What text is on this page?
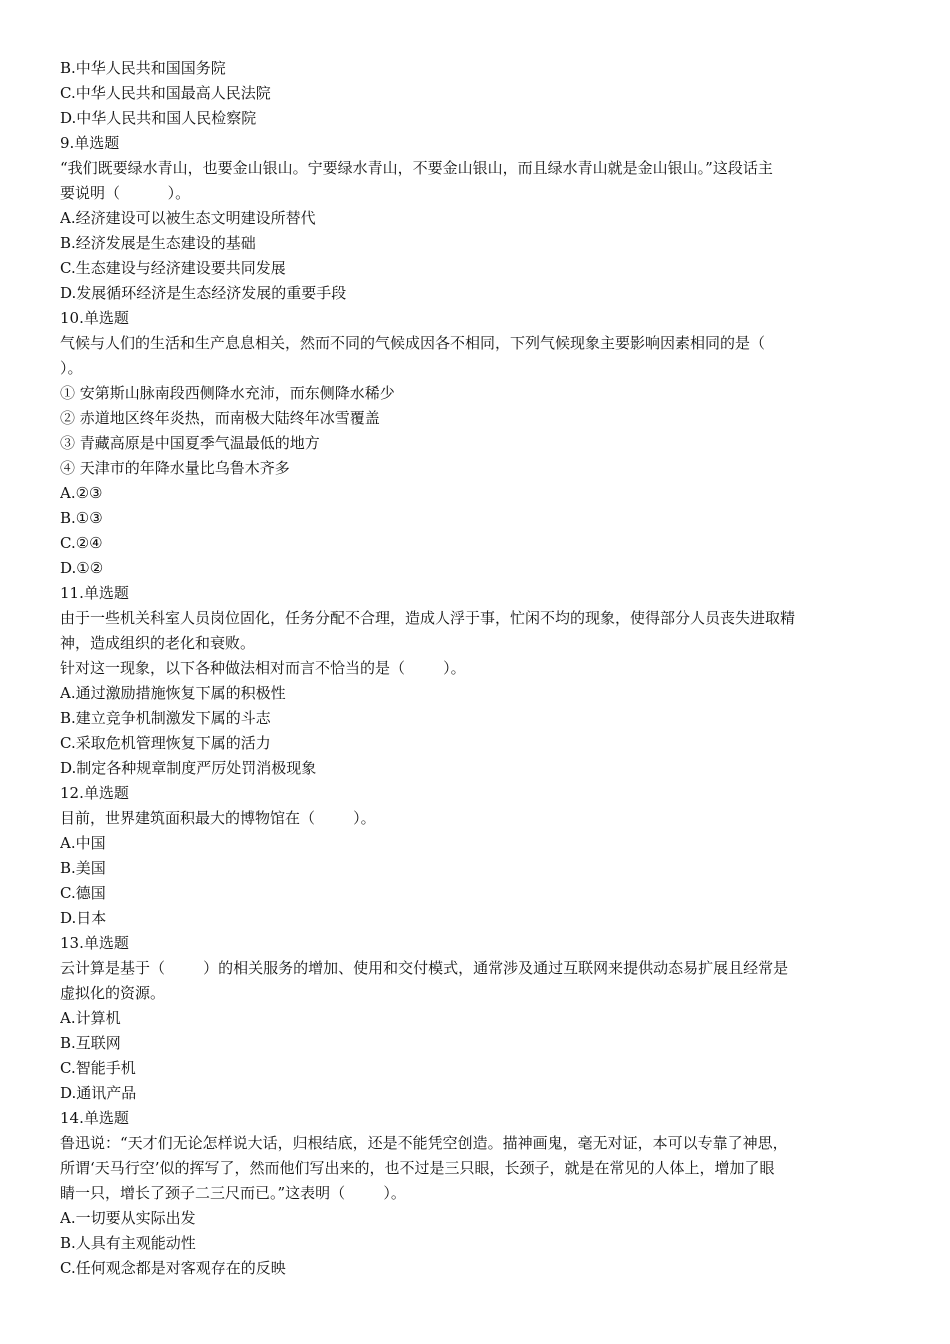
B.中华人民共和国国务院
C.中华人民共和国最高人民法院
D.中华人民共和国人民检察院
9.单选题
“我们既要绿水青山，也要金山银山。宁要绿水青山，不要金山银山，而且绿水青山就是金山银山。”这段话主
要说明（          ）。
A.经济建设可以被生态文明建设所替代
B.经济发展是生态建设的基础
C.生态建设与经济建设要共同发展
D.发展循环经济是生态经济发展的重要手段
10.单选题
气候与人们的生活和生产息息相关，然而不同的气候成因各不相同，下列气候现象主要影响因素相同的是（
）。
① 安第斯山脉南段西侧降水充沛，而东侧降水稀少
② 赤道地区终年炎热，而南极大陆终年冰雪覆盖
③ 青藏高原是中国夏季气温最低的地方
④ 天津市的年降水量比乌鲁木齐多
A.②③
B.①③
C.②④
D.①②
11.单选题
由于一些机关科室人员岗位固化，任务分配不合理，造成人浮于事，忙闲不均的现象，使得部分人员丧失进取精
神，造成组织的老化和衰败。
针对这一现象，以下各种做法相对而言不恰当的是（        ）。
A.通过激励措施恢复下属的积极性
B.建立竞争机制激发下属的斗志
C.采取危机管理恢复下属的活力
D.制定各种规章制度严厉处罚消极现象
12.单选题
目前，世界建筑面积最大的博物馆在（        ）。
A.中国
B.美国
C.德国
D.日本
13.单选题
云计算是基于（        ）的相关服务的增加、使用和交付模式，通常涉及通过互联网来提供动态易扩展且经常是
虚拟化的资源。
A.计算机
B.互联网
C.智能手机
D.通讯产品
14.单选题
鲁迅说：“天才们无论怎样说大话，归根结底，还是不能凭空创造。描神画鬼，毫无对证，本可以专靠了神思，
所谓‘天马行空’似的挥写了，然而他们写出来的，也不过是三只眼，长颈子，就是在常见的人体上，增加了眼
睛一只，增长了颈子二三尺而已。”这表明（        ）。
A.一切要从实际出发
B.人具有主观能动性
C.任何观念都是对客观存在的反映
